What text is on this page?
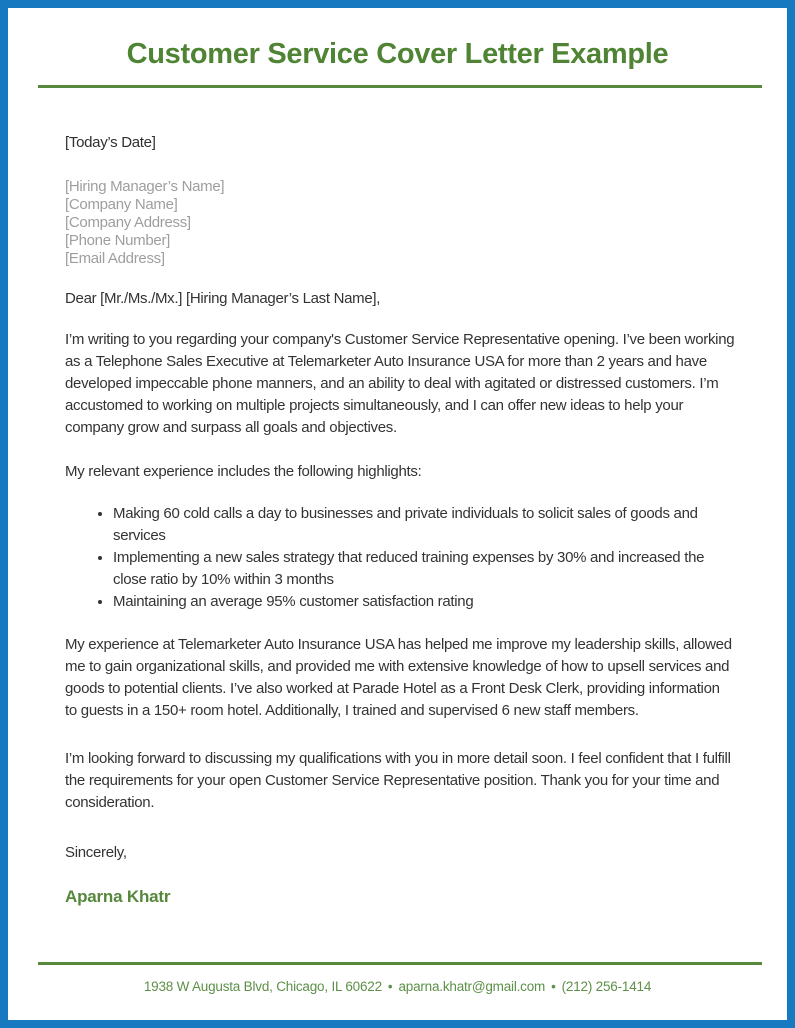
Customer Service Cover Letter Example

[Today’s Date]

[Hiring Manager’s Name]

[Company Name]

[Company Address]

[Phone Number]

[Email Address]

Dear [Mr./Ms./Mx.] [Hiring Manager’s Last Name],

I’m writing to you regarding your company's Customer Service Representative opening. I’ve been working as a Telephone Sales Executive at Telemarketer Auto Insurance USA for more than 2 years and have developed impeccable phone manners, and an ability to deal with agitated or distressed customers. I’m accustomed to working on multiple projects simultaneously, and I can offer new ideas to help your company grow and surpass all goals and objectives.

My relevant experience includes the following highlights:

• Making 60 cold calls a day to businesses and private individuals to solicit sales of goods and services
• Implementing a new sales strategy that reduced training expenses by 30% and increased the close ratio by 10% within 3 months
• Maintaining an average 95% customer satisfaction rating

My experience at Telemarketer Auto Insurance USA has helped me improve my leadership skills, allowed me to gain organizational skills, and provided me with extensive knowledge of how to upsell services and goods to potential clients. I’ve also worked at Parade Hotel as a Front Desk Clerk, providing information to guests in a 150+ room hotel. Additionally, I trained and supervised 6 new staff members.

I’m looking forward to discussing my qualifications with you in more detail soon. I feel confident that I fulfill the requirements for your open Customer Service Representative position. Thank you for your time and consideration.

Sincerely,

Aparna Khatr

1938 W Augusta Blvd, Chicago, IL 60622 • aparna.khatr@gmail.com • (212) 256-1414
